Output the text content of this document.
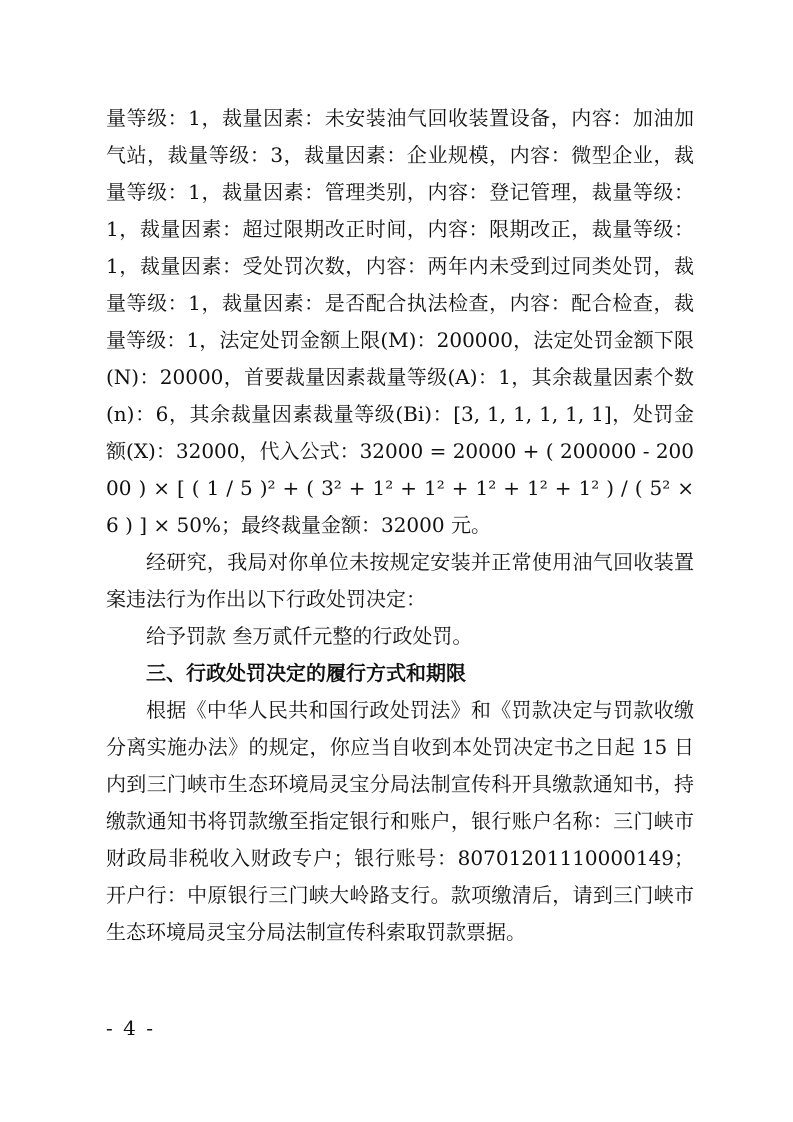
量等级：1，裁量因素：未安装油气回收装置设备，内容：加油加气站，裁量等级：3，裁量因素：企业规模，内容：微型企业，裁量等级：1，裁量因素：管理类别，内容：登记管理，裁量等级：1，裁量因素：超过限期改正时间，内容：限期改正，裁量等级：1，裁量因素：受处罚次数，内容：两年内未受到过同类处罚，裁量等级：1，裁量因素：是否配合执法检查，内容：配合检查，裁量等级：1，法定处罚金额上限(M)：200000，法定处罚金额下限(N)：20000，首要裁量因素裁量等级(A)：1，其余裁量因素个数(n)：6，其余裁量因素裁量等级(Bi)：[3, 1, 1, 1, 1, 1]，处罚金额(X)：32000，代入公式：32000 = 20000 + ( 200000 - 20000 ) × [ ( 1 / 5 )² + ( 3² + 1² + 1² + 1² + 1² + 1² ) / ( 5² × 6 ) ] × 50%；最终裁量金额：32000 元。

经研究，我局对你单位未按规定安装并正常使用油气回收装置案违法行为作出以下行政处罚决定：

给予罚款 叁万贰仟元整的行政处罚。

三、行政处罚决定的履行方式和期限

根据《中华人民共和国行政处罚法》和《罚款决定与罚款收缴分离实施办法》的规定，你应当自收到本处罚决定书之日起 15 日内到三门峡市生态环境局灵宝分局法制宣传科开具缴款通知书，持缴款通知书将罚款缴至指定银行和账户，银行账户名称：三门峡市财政局非税收入财政专户；银行账号：80701201110000149；开户行：中原银行三门峡大岭路支行。款项缴清后，请到三门峡市生态环境局灵宝分局法制宣传科索取罚款票据。

- 4 -
